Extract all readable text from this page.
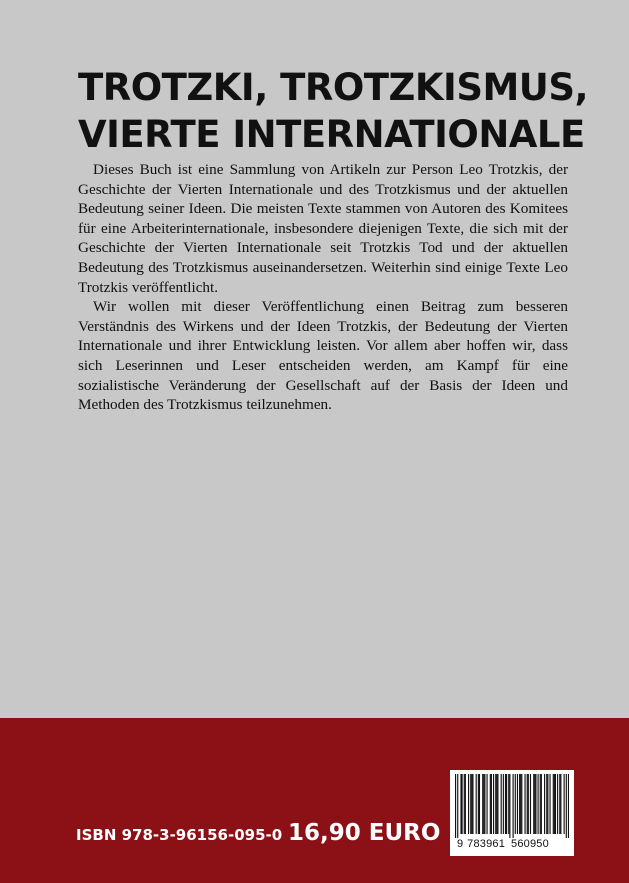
TROTZKI, TROTZKISMUS,
VIERTE INTERNATIONALE

Dieses Buch ist eine Sammlung von Artikeln zur Person Leo Trotzkis, der Geschichte der Vierten Internationale und des Trotzkismus und der aktuellen Bedeutung seiner Ideen. Die meisten Texte stammen von Autoren des Komitees für eine Arbeiterinternationale, insbesondere diejenigen Texte, die sich mit der Geschichte der Vierten Internationale seit Trotzkis Tod und der aktuellen Bedeutung des Trotzkismus auseinandersetzen. Weiterhin sind einige Texte Leo Trotzkis veröffentlicht.

Wir wollen mit dieser Veröffentlichung einen Beitrag zum besseren Verständnis des Wirkens und der Ideen Trotzkis, der Bedeutung der Vierten Internationale und ihrer Entwicklung leisten. Vor allem aber hoffen wir, dass sich Leserinnen und Leser entscheiden werden, am Kampf für eine sozialistische Veränderung der Gesellschaft auf der Basis der Ideen und Methoden des Trotzkismus teilzunehmen.

ISBN 978-3-96156-095-0 16,90 EURO 9 783961 560950
